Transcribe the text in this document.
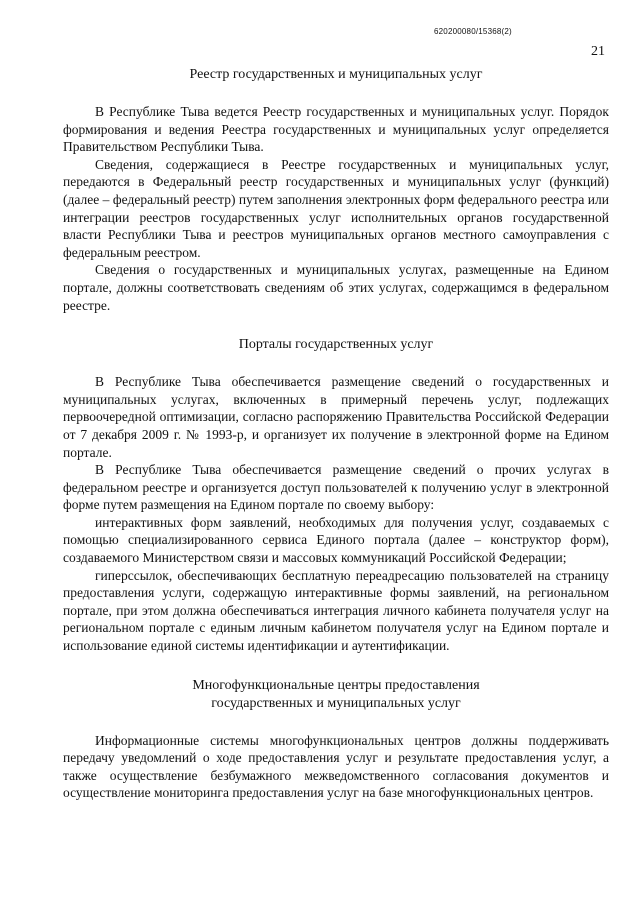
620200080/15368(2)
21
Реестр государственных и муниципальных услуг

В Республике Тыва ведется Реестр государственных и муниципальных услуг. Порядок формирования и ведения Реестра государственных и муниципальных услуг определяется Правительством Республики Тыва.

Сведения, содержащиеся в Реестре государственных и муниципальных услуг, передаются в Федеральный реестр государственных и муниципальных услуг (функций) (далее – федеральный реестр) путем заполнения электронных форм федерального реестра или интеграции реестров государственных услуг исполнительных органов государственной власти Республики Тыва и реестров муниципальных органов местного самоуправления с федеральным реестром.

Сведения о государственных и муниципальных услугах, размещенные на Едином портале, должны соответствовать сведениям об этих услугах, содержащимся в федеральном реестре.

Порталы государственных услуг

В Республике Тыва обеспечивается размещение сведений о государственных и муниципальных услугах, включенных в примерный перечень услуг, подлежащих первоочередной оптимизации, согласно распоряжению Правительства Российской Федерации от 7 декабря 2009 г. № 1993-р, и организует их получение в электронной форме на Едином портале.

В Республике Тыва обеспечивается размещение сведений о прочих услугах в федеральном реестре и организуется доступ пользователей к получению услуг в электронной форме путем размещения на Едином портале по своему выбору:

интерактивных форм заявлений, необходимых для получения услуг, создаваемых с помощью специализированного сервиса Единого портала (далее – конструктор форм), создаваемого Министерством связи и массовых коммуникаций Российской Федерации;

гиперссылок, обеспечивающих бесплатную переадресацию пользователей на страницу предоставления услуги, содержащую интерактивные формы заявлений, на региональном портале, при этом должна обеспечиваться интеграция личного кабинета получателя услуг на региональном портале с единым личным кабинетом получателя услуг на Едином портале и использование единой системы идентификации и аутентификации.

Многофункциональные центры предоставления
государственных и муниципальных услуг

Информационные системы многофункциональных центров должны поддерживать передачу уведомлений о ходе предоставления услуг и результате предоставления услуг, а также осуществление безбумажного межведомственного согласования документов и осуществление мониторинга предоставления услуг на базе многофункциональных центров.
